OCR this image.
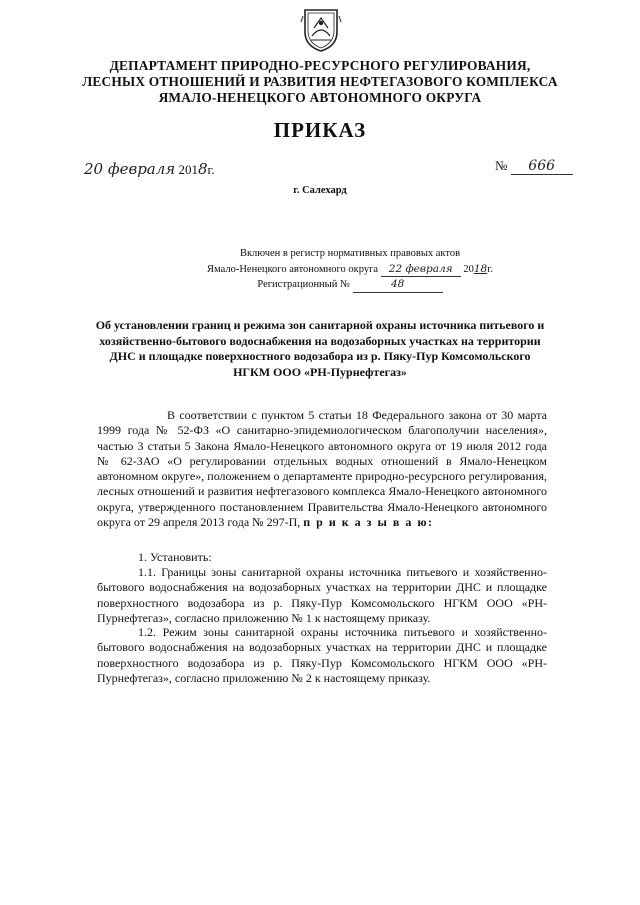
ДЕПАРТАМЕНТ ПРИРОДНО-РЕСУРСНОГО РЕГУЛИРОВАНИЯ,
ЛЕСНЫХ ОТНОШЕНИЙ И РАЗВИТИЯ НЕФТЕГАЗОВОГО КОМПЛЕКСА
ЯМАЛО-НЕНЕЦКОГО АВТОНОМНОГО ОКРУГА
ПРИКАЗ
20 февраля 2018г.	№ 666
г. Салехард
Включен в регистр нормативных правовых актов
Ямало-Ненецкого автономного округа 22 февраля 2018г.
Регистрационный №	48
Об установлении границ и режима зон санитарной охраны источника питьевого и хозяйственно-бытового водоснабжения на водозаборных участках на территории ДНС и площадке поверхностного водозабора из р. Пяку-Пур Комсомольского НГКМ ООО «РН-Пурнефтегаз»
В соответствии с пунктом 5 статьи 18 Федерального закона от 30 марта 1999 года № 52-ФЗ «О санитарно-эпидемиологическом благополучии населения», частью 3 статьи 5 Закона Ямало-Ненецкого автономного округа от 19 июля 2012 года № 62-ЗАО «О регулировании отдельных водных отношений в Ямало-Ненецком автономном округе», положением о департаменте природно-ресурсного регулирования, лесных отношений и развития нефтегазового комплекса Ямало-Ненецкого автономного округа, утвержденного постановлением Правительства Ямало-Ненецкого автономного округа от 29 апреля 2013 года № 297-П, п р и к а з ы в а ю:
1. Установить:
1.1. Границы зоны санитарной охраны источника питьевого и хозяйственно-бытового водоснабжения на водозаборных участках на территории ДНС и площадке поверхностного водозабора из р. Пяку-Пур Комсомольского НГКМ ООО «РН-Пурнефтегаз», согласно приложению № 1 к настоящему приказу.
1.2. Режим зоны санитарной охраны источника питьевого и хозяйственно-бытового водоснабжения на водозаборных участках на территории ДНС и площадке поверхностного водозабора из р. Пяку-Пур Комсомольского НГКМ ООО «РН-Пурнефтегаз», согласно приложению № 2 к настоящему приказу.
